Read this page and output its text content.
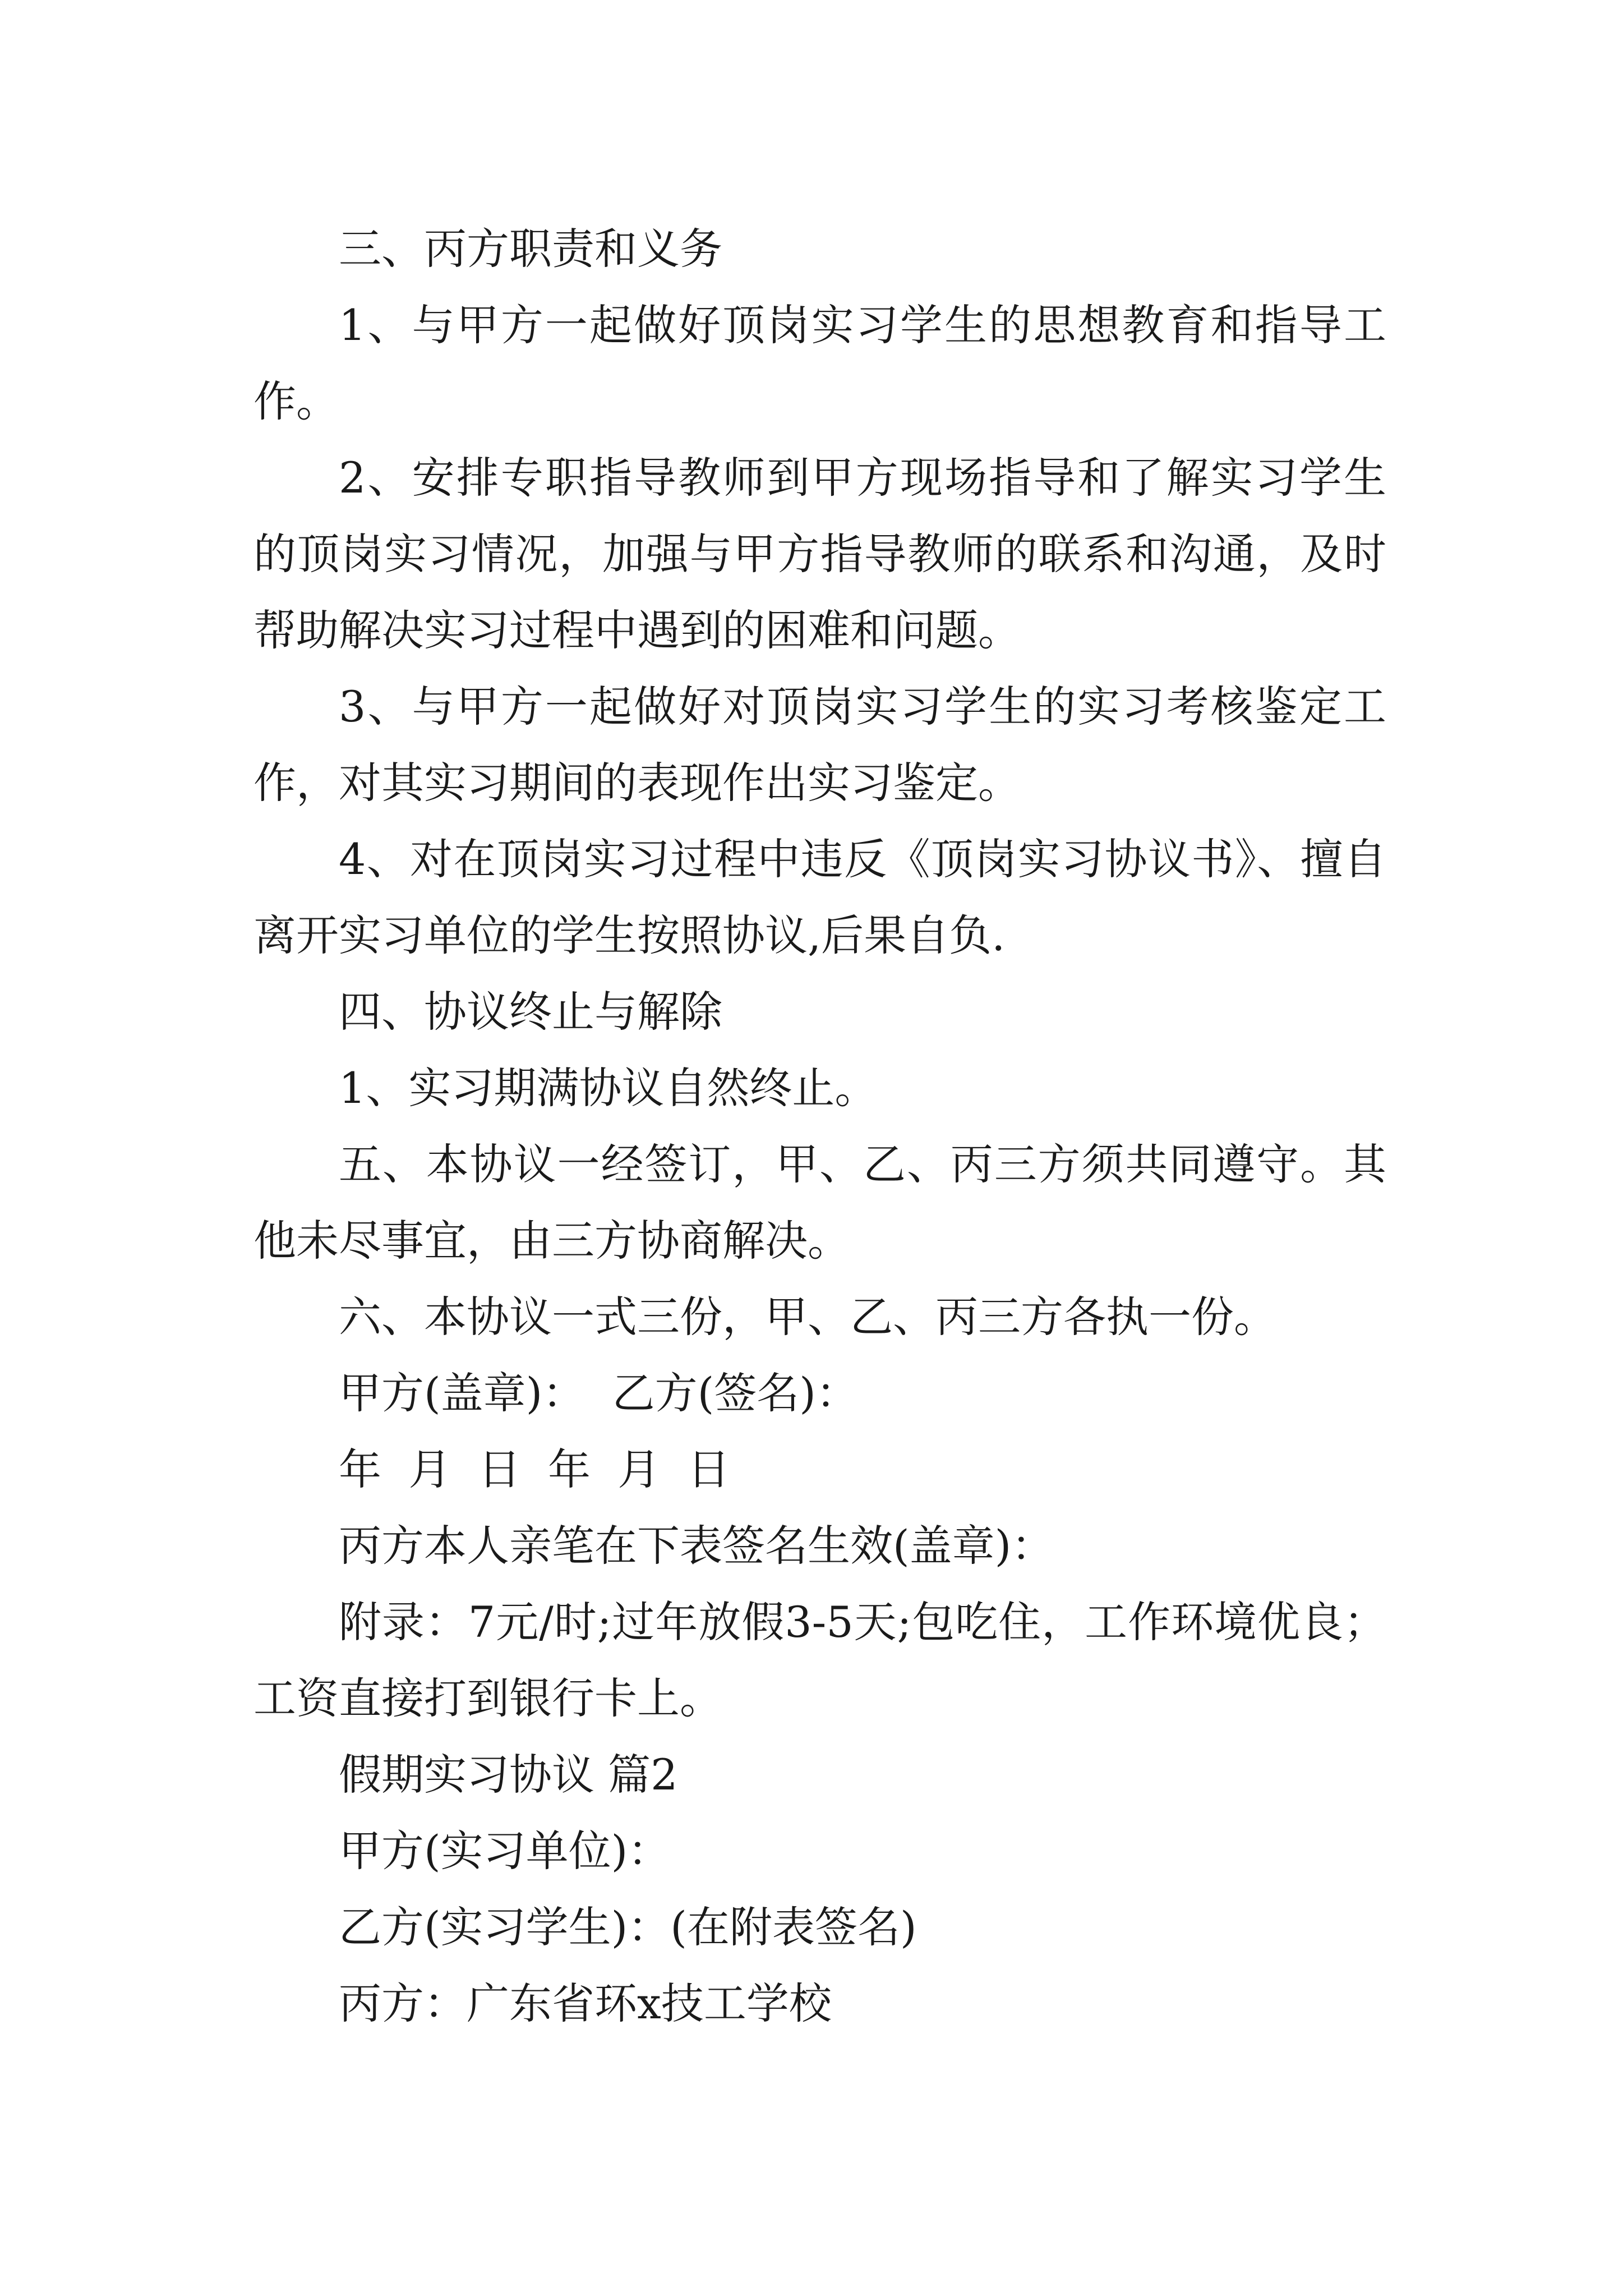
三、丙方职责和义务

1、与甲方一起做好顶岗实习学生的思想教育和指导工作。

2、安排专职指导教师到甲方现场指导和了解实习学生的顶岗实习情况，加强与甲方指导教师的联系和沟通，及时帮助解决实习过程中遇到的困难和问题。

3、与甲方一起做好对顶岗实习学生的实习考核鉴定工作，对其实习期间的表现作出实习鉴定。

4、对在顶岗实习过程中违反《顶岗实习协议书》、擅自离开实习单位的学生按照协议,后果自负.

四、协议终止与解除

1、实习期满协议自然终止。

五、本协议一经签订，甲、乙、丙三方须共同遵守。其他未尽事宜，由三方协商解决。

六、本协议一式三份，甲、乙、丙三方各执一份。

甲方(盖章)：  乙方(签名)：

年  月  日  年  月  日

丙方本人亲笔在下表签名生效(盖章)：

附录：7元/时;过年放假3-5天;包吃住，工作环境优良；工资直接打到银行卡上。

假期实习协议 篇2

甲方(实习单位)：

乙方(实习学生)：(在附表签名)

丙方：广东省环x技工学校
